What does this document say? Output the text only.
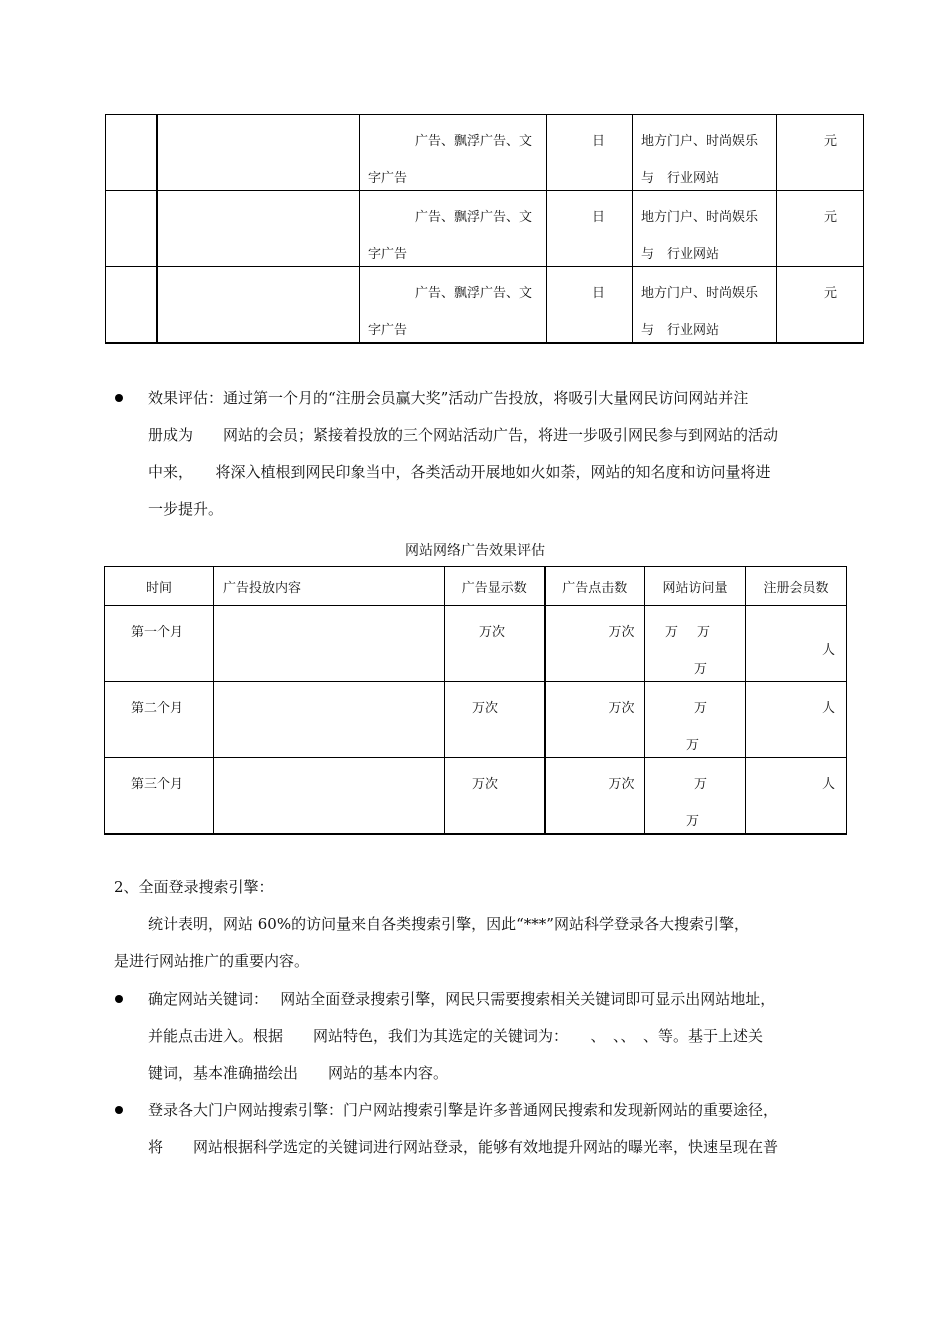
		广告、飘浮广告、文
字广告	日	地方门户、时尚娱乐
与　行业网站	元

		广告、飘浮广告、文
字广告	日	地方门户、时尚娱乐
与　行业网站	元

		广告、飘浮广告、文
字广告	日	地方门户、时尚娱乐
与　行业网站	元
效果评估：通过第一个月的“注册会员赢大奖”活动广告投放，将吸引大量网民访问网站并注
册成为　　网站的会员；紧接着投放的三个网站活动广告，将进一步吸引网民参与到网站的活动
中来，　　将深入植根到网民印象当中，各类活动开展地如火如荼，网站的知名度和访问量将进
一步提升。
网站网络广告效果评估
时间	广告投放内容	广告显示数	广告点击数	网站访问量	注册会员数

第一个月		万次	万次	万 万
万	人

第二个月		万次	万次	万
万	人

第三个月		万次	万次	万
万	人
2、全面登录搜索引擎：
统计表明，网站 60%的访问量来自各类搜索引擎，因此“***”网站科学登录各大搜索引擎，
是进行网站推广的重要内容。
确定网站关键词：　 网站全面登录搜索引擎，网民只需要搜索相关关键词即可显示出网站地址，
并能点击进入。根据　　网站特色，我们为其选定的关键词为：　　、　、、　、等。基于上述关
键词，基本准确描绘出　　网站的基本内容。
登录各大门户网站搜索引擎：门户网站搜索引擎是许多普通网民搜索和发现新网站的重要途径，
将　　网站根据科学选定的关键词进行网站登录，能够有效地提升网站的曝光率，快速呈现在普
